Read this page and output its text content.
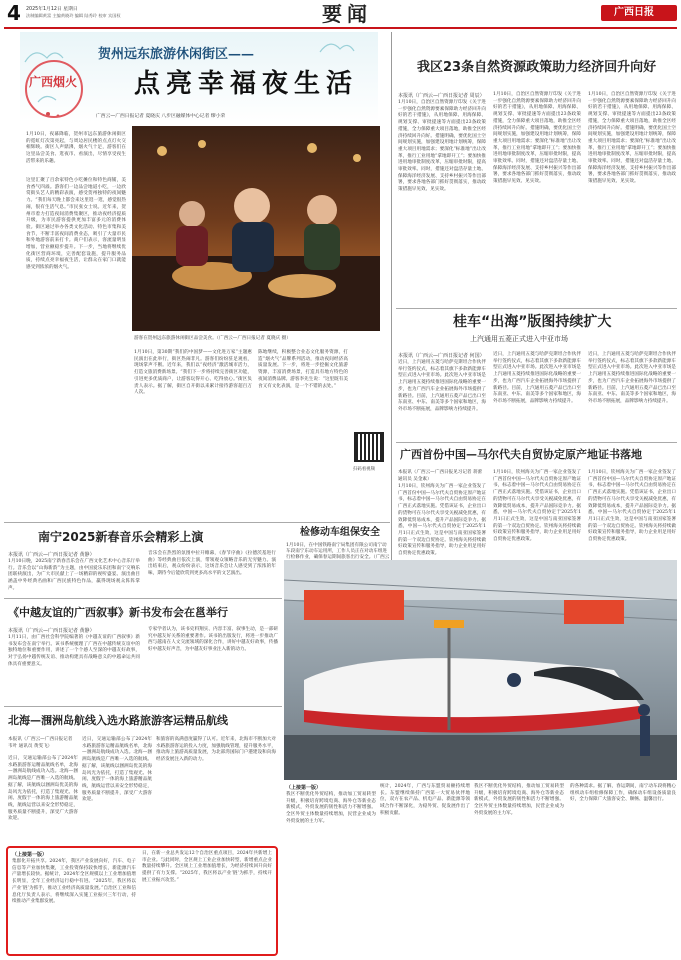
4 2025年1月12日 星期日
法制编辑黄富 主编黄晓玲 编辑 陆秀玲 校审 宾国权	要闻	广西日报
广西烟火
贺州远东旅游休闲街区——
点亮幸福夜生活
广西云—广西日报记者 夏晓庆 八步区融媒体中心记者 缪小荣
1月10日，夜幕降临，贺州市远东旅游休闲街区的霓虹灯次第亮起，与周边居民楼的点点灯火交相辉映。街区人声鼎沸，烟火气十足，游客们在这里品尝美食、逛夜市、看演出，尽情享受夜生活带来的乐趣。
这里汇聚了百余家特色小吃摊位和特色商铺，美食香气四溢。游客们一边品尝地道小吃，一边欣赏街头艺人的精彩表演，感受贺州独特的夜间魅力。“我们每天晚上都会来这里逛一逛，感觉很热闹，很有生活气息。”市民张女士说。近年来，贺州市着力打造夜间消费集聚区，推动夜经济提质升级，为市民游客提供更加丰富多元的消费体验。街区通过举办各类文化活动、特色市集和美食节，不断丰富夜间消费业态，吸引了大量市民和外地游客前来打卡。商户们表示，客流量明显增加，营业额稳步提升。下一步，当地将继续优化街区营商环境，完善配套设施，提升服务品质，持续点亮幸福夜生活，让群众在家门口就能感受到浓浓的烟火气。
游客在贺州远东旅游休闲街区品尝美食。（广西云—广西日报记者 夏晓庆 摄）
1月10日，第30期“我们的中国梦——文化进万家”主题惠民演出在此举行，街区热闹非凡。游客们纷纷驻足观看，现场掌声不断。近年来，我们以“夜经济”激活城市活力，打造文旅消费新场景。“我们下一步将持续完善街区功能，引进更多优质商户，让游客玩得开心、吃得放心。”街区负责人表示。据了解，街区自开街以来累计接待游客超百万人次。
陈地继续，积极整合业态文化服务资源，打造“烟火气”品牌系列活动，推动夜间经济高质量发展。下一步，将进一步挖掘文化旅游资源，丰富消费场景，打造具有地方特色的夜间消费品牌。游客李先生说：“这里既有美食又有文化表演，是一个不错的去处。”
扫码看视频
我区23条自然资源政策助力经济回升向好
本报讯（广西云—广西日报记者 周辰）
1月10日，自治区自然资源厅印发《关于进一步强化自然资源要素保障助力经济回升向好的若干措施》，从用地保障、用海保障、规划支撑、审批提速等方面提出23条政策措施，全力保障重大项目落地，助推全区经济持续回升向好。措施明确，要优化国土空间规划实施，加强建设用地计划统筹，保障重大项目用地需求；要深化“标准地”出让改革，推行工业用地“拿地即开工”；要加快推进用地审批制度改革，压缩审批时限，提高审批效率。同时，措施还对盘活存量土地、保障海洋经济发展、支持乡村振兴等作出部署，要求各地各部门抓好贯彻落实，推动政策措施早见效、见实效。
1月10日，自治区自然资源厅印发《关于进一步强化自然资源要素保障助力经济回升向好的若干措施》，从用地保障、用海保障、规划支撑、审批提速等方面提出23条政策措施，全力保障重大项目落地，助推全区经济持续回升向好。措施明确，要优化国土空间规划实施，加强建设用地计划统筹，保障重大项目用地需求；要深化“标准地”出让改革，推行工业用地“拿地即开工”；要加快推进用地审批制度改革，压缩审批时限，提高审批效率。同时，措施还对盘活存量土地、保障海洋经济发展、支持乡村振兴等作出部署，要求各地各部门抓好贯彻落实，推动政策措施早见效、见实效。
1月10日，自治区自然资源厅印发《关于进一步强化自然资源要素保障助力经济回升向好的若干措施》，从用地保障、用海保障、规划支撑、审批提速等方面提出23条政策措施，全力保障重大项目落地，助推全区经济持续回升向好。措施明确，要优化国土空间规划实施，加强建设用地计划统筹，保障重大项目用地需求；要深化“标准地”出让改革，推行工业用地“拿地即开工”；要加快推进用地审批制度改革，压缩审批时限，提高审批效率。同时，措施还对盘活存量土地、保障海洋经济发展、支持乡村振兴等作出部署，要求各地各部门抓好贯彻落实，推动政策措施早见效、见实效。
桂车“出海”版图持续扩大
上汽通用五菱正式进入中亚市场
本报讯（广西云—广西日报记者 何国）
近日，上汽通用五菱与哈萨克斯坦合作伙伴举行签约仪式，标志着其旗下多款新能源车型正式进入中亚市场。此次进入中亚市场是上汽通用五菱持续推进国际化战略的重要一步，也为广西汽车企业拓展海外市场提供了新路径。目前，上汽通用五菱产品已出口至东南亚、中东、南美等多个国家和地区，海外市场不断拓展，品牌影响力持续提升。
近日，上汽通用五菱与哈萨克斯坦合作伙伴举行签约仪式，标志着其旗下多款新能源车型正式进入中亚市场。此次进入中亚市场是上汽通用五菱持续推进国际化战略的重要一步，也为广西汽车企业拓展海外市场提供了新路径。目前，上汽通用五菱产品已出口至东南亚、中东、南美等多个国家和地区，海外市场不断拓展，品牌影响力持续提升。
近日，上汽通用五菱与哈萨克斯坦合作伙伴举行签约仪式，标志着其旗下多款新能源车型正式进入中亚市场。此次进入中亚市场是上汽通用五菱持续推进国际化战略的重要一步，也为广西汽车企业拓展海外市场提供了新路径。目前，上汽通用五菱产品已出口至东南亚、中东、南美等多个国家和地区，海外市场不断拓展，品牌影响力持续提升。
广西首份中国—马尔代夫自贸协定原产地证书落地
本报讯（广西云—广西日报见习记者 蒋蕾 通讯员 吴金素）
1月10日，钦州海关为广西一家企业签发了广西首份中国—马尔代夫自贸协定原产地证书，标志着中国—马尔代夫自由贸易协定在广西正式落地实施。凭借该证书，企业出口的货物可在马尔代夫享受关税减免优惠，有效降低贸易成本，提升产品国际竞争力。据悉，中国—马尔代夫自贸协定于2025年1月1日正式生效，这是中国与南亚国家签署的第一个双边自贸协定。钦州海关将持续做好政策宣传和服务指导，助力企业用足用好自贸协定优惠政策。
1月10日，钦州海关为广西一家企业签发了广西首份中国—马尔代夫自贸协定原产地证书，标志着中国—马尔代夫自由贸易协定在广西正式落地实施。凭借该证书，企业出口的货物可在马尔代夫享受关税减免优惠，有效降低贸易成本，提升产品国际竞争力。据悉，中国—马尔代夫自贸协定于2025年1月1日正式生效，这是中国与南亚国家签署的第一个双边自贸协定。钦州海关将持续做好政策宣传和服务指导，助力企业用足用好自贸协定优惠政策。
1月10日，钦州海关为广西一家企业签发了广西首份中国—马尔代夫自贸协定原产地证书，标志着中国—马尔代夫自由贸易协定在广西正式落地实施。凭借该证书，企业出口的货物可在马尔代夫享受关税减免优惠，有效降低贸易成本，提升产品国际竞争力。据悉，中国—马尔代夫自贸协定于2025年1月1日正式生效，这是中国与南亚国家签署的第一个双边自贸协定。钦州海关将持续做好政策宣传和服务指导，助力企业用足用好自贸协定优惠政策。
南宁2025新春音乐会精彩上演
本报讯（广西云—广西日报记者 黄静）
1月10日晚，2025南宁新春音乐会在广西文化艺术中心音乐厅举行。音乐会以“山海新韵”为主题，由中国爱乐乐团和南宁交响乐团联袂演出，为广大市民献上了一场精彩的视听盛宴。演出曲目涵盖中外经典名曲和广西民族特色作品，赢得现场观众阵阵掌声。
音乐会在热烈的氛围中拉开帷幕，《春节序曲》《拉德茨基进行曲》等经典曲目依次上演，带领观众领略音乐的无穷魅力。演出结束后，观众纷纷表示，这场音乐会让人感受到了浓浓的年味，期待今后能欣赏到更多高水平的文艺演出。
检修动车组保安全
1月10日，在中国铁路南宁局集团有限公司南宁动车段南宁东动车运用所，工作人员正在对动车组进行检修作业，确保春运期间旅客出行安全。（广西云
《中越友谊的广西叙事》新书发布会在邕举行
本报讯（广西云—广西日报记者 黄静）
1月11日，由广西社会科学院编著的《中越友谊的广西叙事》新书发布会在南宁举行。该书系统梳理了广西在中越传统友谊中的独特地位和重要作用，讲述了一个个感人至深的中越友好故事，对于弘扬中越传统友谊、推动构建具有战略意义的中越命运共同体具有重要意义。
专家学者认为，该书史料翔实、内容丰富、叙事生动，是一部研究中越友好关系的重要著作。该书的出版发行，将进一步推动广西与越南在人文交流领域的深化合作，讲好中越友好故事，传播好中越友好声音，为中越友好事业注入新的动力。
北海—涠洲岛航线入选水路旅游客运精品航线
本报讯（广西云—广西日报记者 韦叶 通讯员 黄雯飞）
近日，交通运输部公布了2024年水路旅游客运精品航线名单，北海—涠洲岛航线成功入选。北海—涠洲岛航线是广西唯一入选的航线。据了解，该航线以涠洲岛优美的海岛风光为依托，打造了集观光、休闲、度假于一体的海上旅游精品航线，航线运营以来安全形势稳定，服务质量不断提升，深受广大游客欢迎。
近日，交通运输部公布了2024年水路旅游客运精品航线名单，北海—涠洲岛航线成功入选。北海—涠洲岛航线是广西唯一入选的航线。据了解，该航线以涠洲岛优美的海岛风光为依托，打造了集观光、休闲、度假于一体的海上旅游精品航线，航线运营以来安全形势稳定，服务质量不断提升，深受广大游客欢迎。
和旅客的高满意度赢得了认可。近年来，北海市不断加大对水路旅游客运的投入力度，加强航线管理，提升服务水平，推动海上旅游高质量发展，为北部湾国际门户港建设和向海经济发展注入新的动力。
（上接第一版）
我区不断优化外贸结构，推动加工贸易转型升级，积极培育跨境电商、海外仓等新业态新模式，外贸发展的韧性和活力不断增强。全区外贸主体数量持续增加，民营企业成为外贸发展的主力军。
统计，2024年，广西与东盟贸易额持续增长。东盟继续保持广西第一大贸易伙伴地位，双方在农产品、机电产品、新能源等领域合作不断深化，为稳外贸、促发展作出了积极贡献。
我区不断优化外贸结构，推动加工贸易转型升级，积极培育跨境电商、海外仓等新业态新模式，外贸发展的韧性和活力不断增强。全区外贸主体数量持续增加，民营企业成为外贸发展的主力军。
的各种需求。据了解，春运期间，南宁动车段将精心组织动车组检修保障工作，确保动车组设备质量良好，全力保障广大旅客安全、顺畅、温馨出行。
（上接第一版）
集群化开拓共享。2024年，我区产业发展向好，汽车、电子信息等产业加快集聚，工业投资保持较快增长，新能源汽车产量增长较快。据统计，2024年全区规模以上工业增加值增长明显，全年工业经济运行稳中有进。“2025年，我区将以产业‘链’为抓手，推动工业经济高质量发展。”自治区工业和信息化厅负责人表示，将继续深入实施工业振兴三年行动，持续推动产业集群发展。
日，在新一业总共发运12个自治区重点项目，2024年共新增上市企业。与此同时，全区规上工业企业加快转型，新增重点企业数量持续攀升。全区规上工业增加值增长，为经济持续回升向好提供了有力支撑。“2025年，我区将以产业‘链’为抓手，持续开展工业振兴攻坚。”
